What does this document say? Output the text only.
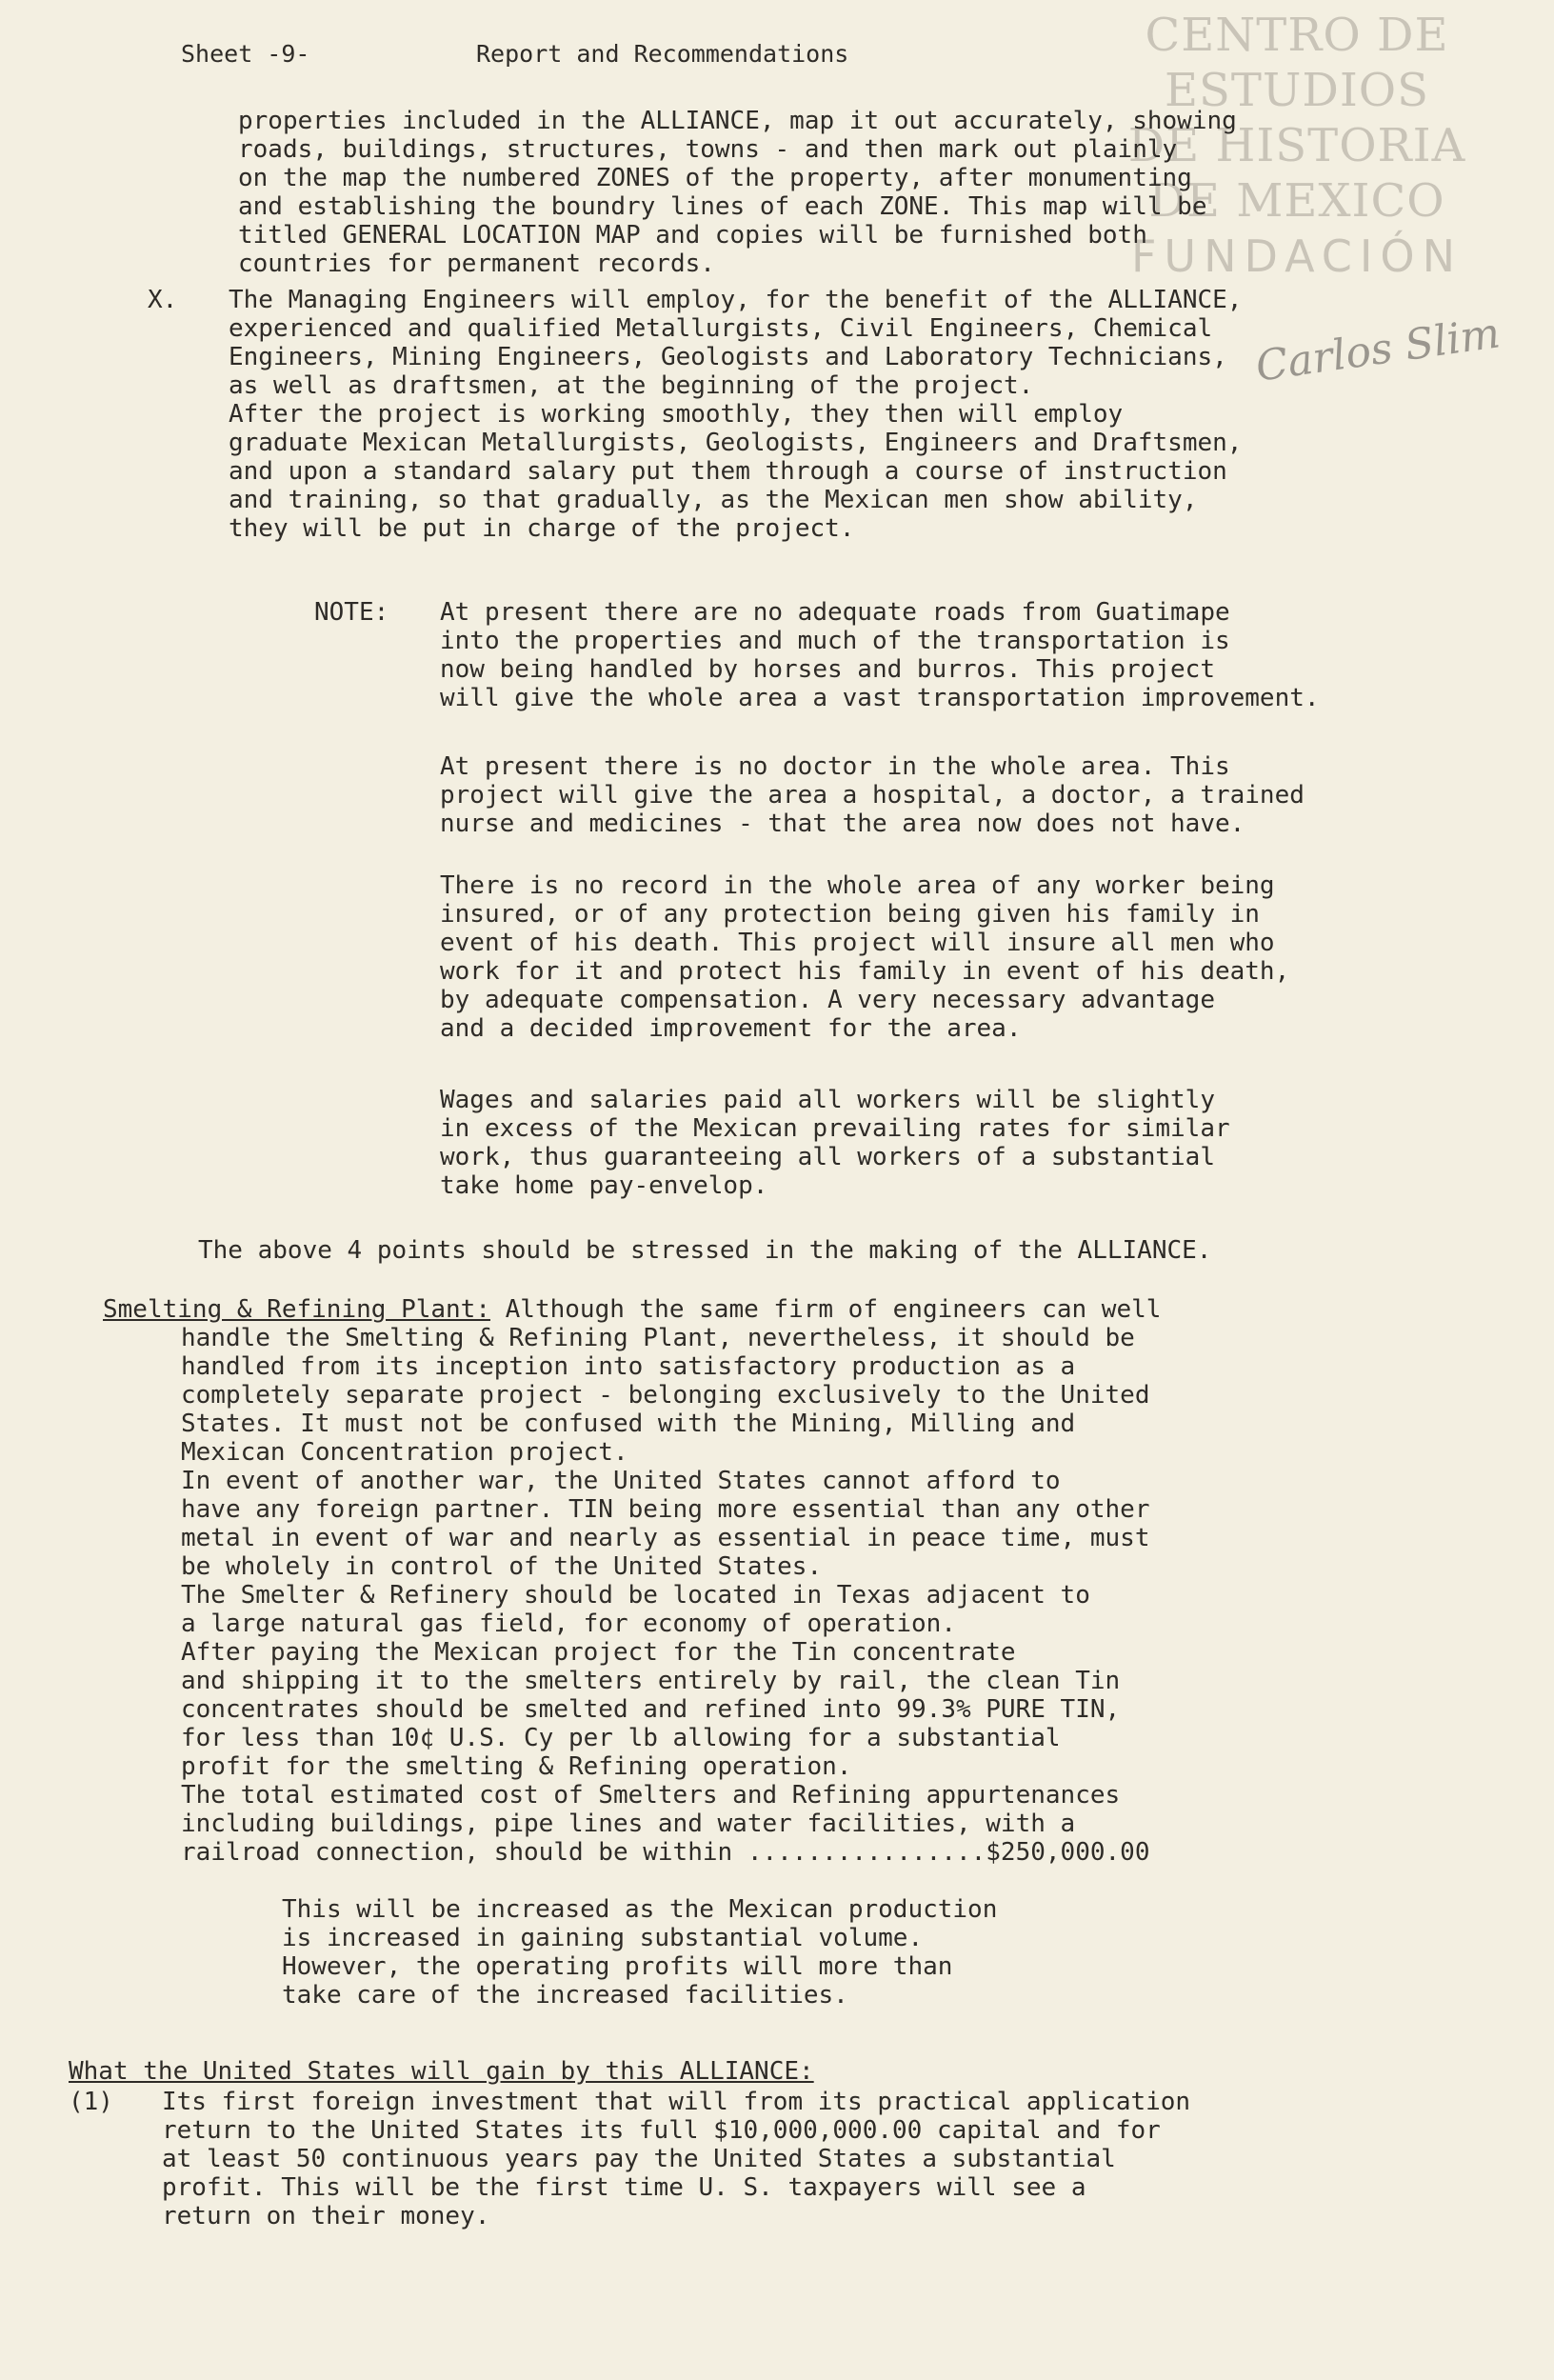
CENTRO DE
ESTUDIOS
DE HISTORIA
DE MEXICO
FUNDACIÓN
Carlos Slim
Sheet -9-	Report and Recommendations
properties included in the ALLIANCE, map it out accurately, showing
roads, buildings, structures, towns - and then mark out plainly
on the map the numbered ZONES of the property, after monumenting
and establishing the boundry lines of each ZONE. This map will be
titled GENERAL LOCATION MAP and copies will be furnished both
countries for permanent records.
X. The Managing Engineers will employ, for the benefit of the ALLIANCE,
experienced and qualified Metallurgists, Civil Engineers, Chemical
Engineers, Mining Engineers, Geologists and Laboratory Technicians,
as well as draftsmen, at the beginning of the project.
After the project is working smoothly, they then will employ
graduate Mexican Metallurgists, Geologists, Engineers and Draftsmen,
and upon a standard salary put them through a course of instruction
and training, so that gradually, as the Mexican men show ability,
they will be put in charge of the project.
NOTE: At present there are no adequate roads from Guatimape
into the properties and much of the transportation is
now being handled by horses and burros. This project
will give the whole area a vast transportation improvement.
At present there is no doctor in the whole area. This
project will give the area a hospital, a doctor, a trained
nurse and medicines - that the area now does not have.
There is no record in the whole area of any worker being
insured, or of any protection being given his family in
event of his death. This project will insure all men who
work for it and protect his family in event of his death,
by adequate compensation. A very necessary advantage
and a decided improvement for the area.
Wages and salaries paid all workers will be slightly
in excess of the Mexican prevailing rates for similar
work, thus guaranteeing all workers of a substantial
take home pay-envelop.
The above 4 points should be stressed in the making of the ALLIANCE.
Smelting & Refining Plant: Although the same firm of engineers can well
handle the Smelting & Refining Plant, nevertheless, it should be
handled from its inception into satisfactory production as a
completely separate project - belonging exclusively to the United
States. It must not be confused with the Mining, Milling and
Mexican Concentration project.
In event of another war, the United States cannot afford to
have any foreign partner. TIN being more essential than any other
metal in event of war and nearly as essential in peace time, must
be wholely in control of the United States.
The Smelter & Refinery should be located in Texas adjacent to
a large natural gas field, for economy of operation.
After paying the Mexican project for the Tin concentrate
and shipping it to the smelters entirely by rail, the clean Tin
concentrates should be smelted and refined into 99.3% PURE TIN,
for less than 10¢ U.S. Cy per lb allowing for a substantial
profit for the smelting & Refining operation.
The total estimated cost of Smelters and Refining appurtenances
including buildings, pipe lines and water facilities, with a
railroad connection, should be within ................$250,000.00
This will be increased as the Mexican production
is increased in gaining substantial volume.
However, the operating profits will more than
take care of the increased facilities.
What the United States will gain by this ALLIANCE:
(1) Its first foreign investment that will from its practical application
return to the United States its full $10,000,000.00 capital and for
at least 50 continuous years pay the United States a substantial
profit. This will be the first time U. S. taxpayers will see a
return on their money.
